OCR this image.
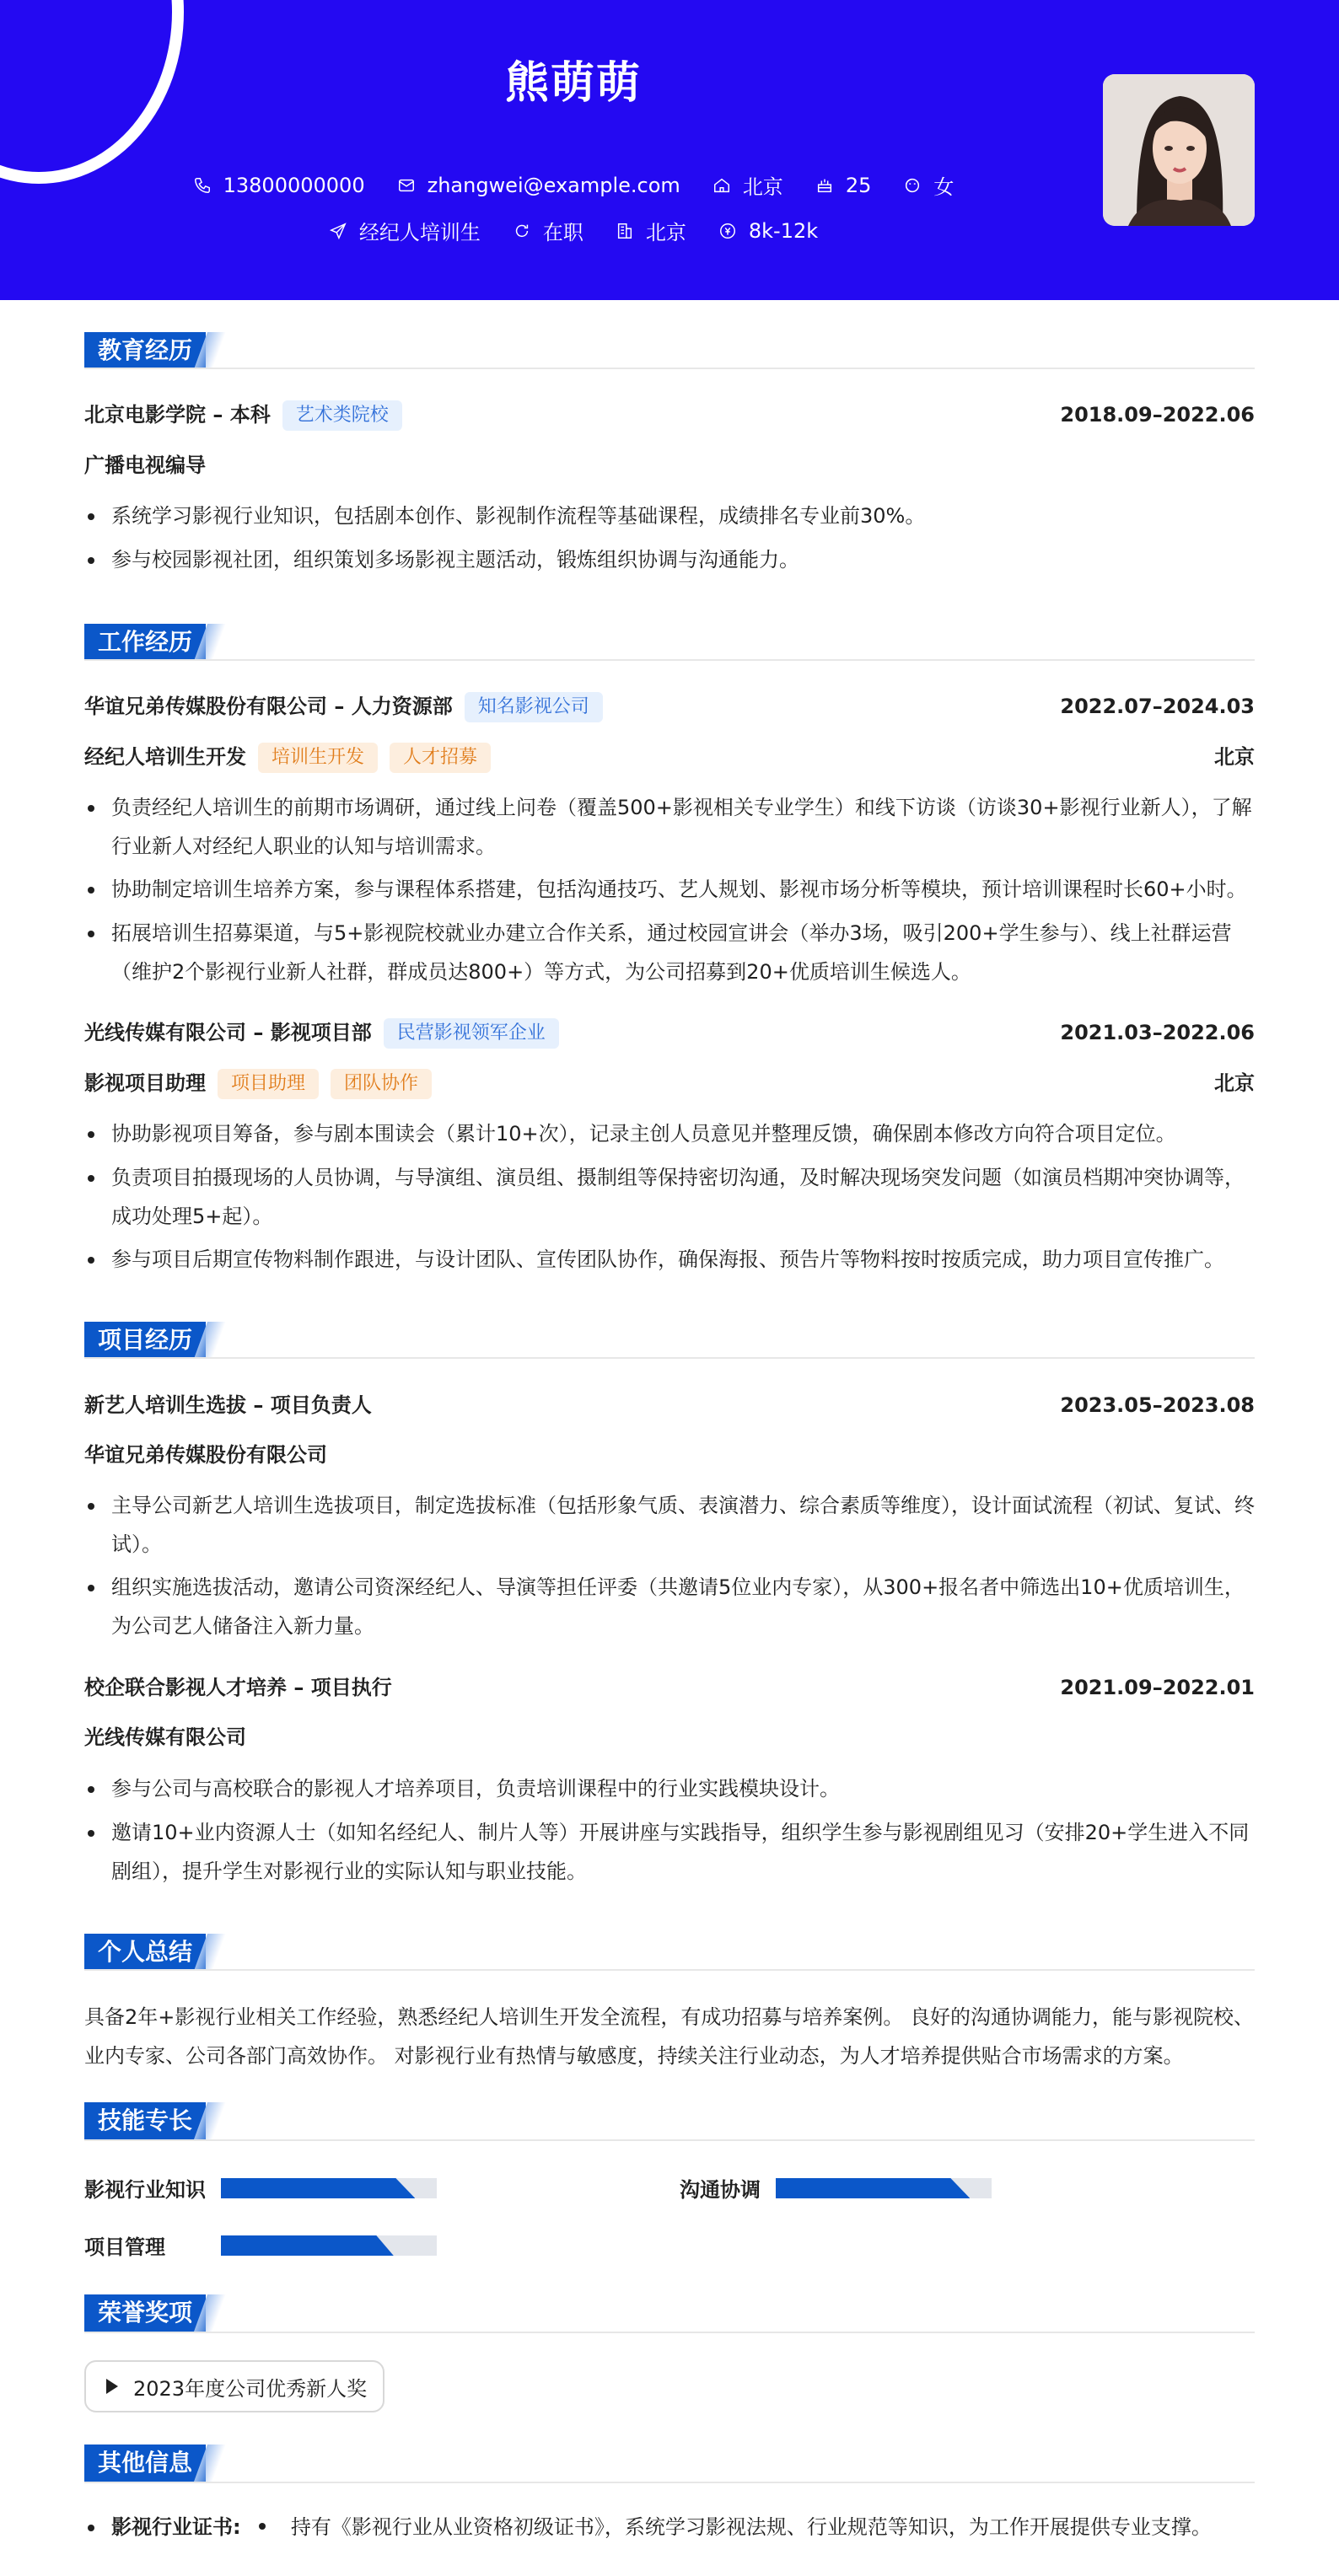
熊萌萌
13800000000	zhangwei@example.com	北京	25	女
经纪人培训生	在职	北京	8k-12k
教育经历
北京电影学院 – 本科 艺术类院校	2018.09–2022.06
广播电视编导
系统学习影视行业知识，包括剧本创作、影视制作流程等基础课程，成绩排名专业前30%。
参与校园影视社团，组织策划多场影视主题活动，锻炼组织协调与沟通能力。
工作经历
华谊兄弟传媒股份有限公司 – 人力资源部 知名影视公司	2022.07–2024.03
经纪人培训生开发 培训生开发 人才招募	北京
负责经纪人培训生的前期市场调研，通过线上问卷（覆盖500+影视相关专业学生）和线下访谈（访谈30+影视行业新人），了解行业新人对经纪人职业的认知与培训需求。
协助制定培训生培养方案，参与课程体系搭建，包括沟通技巧、艺人规划、影视市场分析等模块，预计培训课程时长60+小时。
拓展培训生招募渠道，与5+影视院校就业办建立合作关系，通过校园宣讲会（举办3场，吸引200+学生参与）、线上社群运营（维护2个影视行业新人社群，群成员达800+）等方式，为公司招募到20+优质培训生候选人。
光线传媒有限公司 – 影视项目部 民营影视领军企业	2021.03–2022.06
影视项目助理 项目助理 团队协作	北京
协助影视项目筹备，参与剧本围读会（累计10+次），记录主创人员意见并整理反馈，确保剧本修改方向符合项目定位。
负责项目拍摄现场的人员协调，与导演组、演员组、摄制组等保持密切沟通，及时解决现场突发问题（如演员档期冲突协调等，成功处理5+起）。
参与项目后期宣传物料制作跟进，与设计团队、宣传团队协作，确保海报、预告片等物料按时按质完成，助力项目宣传推广。
项目经历
新艺人培训生选拔 – 项目负责人	2023.05–2023.08
华谊兄弟传媒股份有限公司
主导公司新艺人培训生选拔项目，制定选拔标准（包括形象气质、表演潜力、综合素质等维度），设计面试流程（初试、复试、终试）。
组织实施选拔活动，邀请公司资深经纪人、导演等担任评委（共邀请5位业内专家），从300+报名者中筛选出10+优质培训生，为公司艺人储备注入新力量。
校企联合影视人才培养 – 项目执行	2021.09–2022.01
光线传媒有限公司
参与公司与高校联合的影视人才培养项目，负责培训课程中的行业实践模块设计。
邀请10+业内资源人士（如知名经纪人、制片人等）开展讲座与实践指导，组织学生参与影视剧组见习（安排20+学生进入不同剧组），提升学生对影视行业的实际认知与职业技能。
个人总结
具备2年+影视行业相关工作经验，熟悉经纪人培训生开发全流程，有成功招募与培养案例。 良好的沟通协调能力，能与影视院校、业内专家、公司各部门高效协作。 对影视行业有热情与敏感度，持续关注行业动态，为人才培养提供贴合市场需求的方案。
技能专长
影视行业知识	沟通协调
项目管理
荣誉奖项
2023年度公司优秀新人奖
其他信息
影视行业证书: 持有《影视行业从业资格初级证书》，系统学习影视法规、行业规范等知识，为工作开展提供专业支撑。
